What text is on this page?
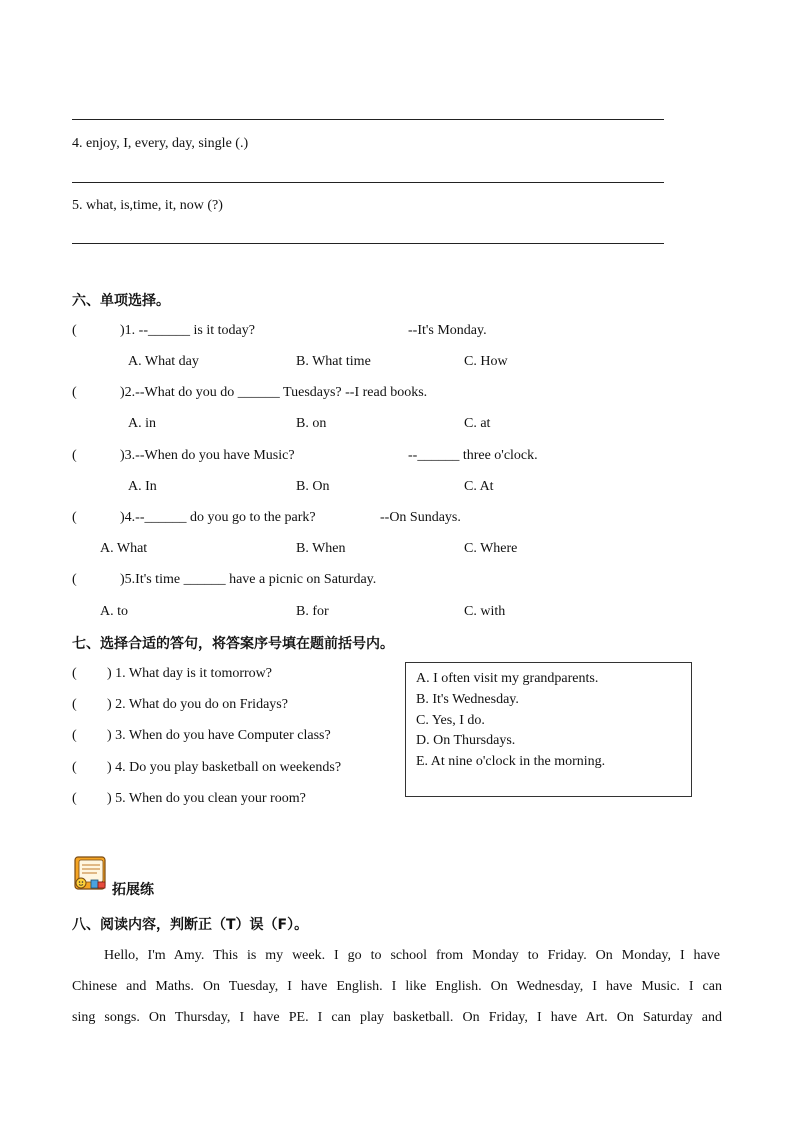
4. enjoy, I, every, day, single (.)
5. what, is,time, it, now (?)
六、单项选择。
(	)1. --______ is it today?	--It's Monday.
A. What day	B. What time	C. How
(	)2.--What do you do ______ Tuesdays? --I read books.
A. in	B. on	C. at
(	)3.--When do you have Music?	--______ three o'clock.
A. In	B. On	C. At
(	)4.--______ do you go to the park?	--On Sundays.
A. What	B. When	C. Where
(	)5.It's time ______ have a picnic on Saturday.
A. to	B. for	C. with
七、选择合适的答句，将答案序号填在题前括号内。
( ) 1. What day is it tomorrow?
( ) 2. What do you do on Fridays?
( ) 3. When do you have Computer class?
( ) 4. Do you play basketball on weekends?
( ) 5. When do you clean your room?
A. I often visit my grandparents.
B. It's Wednesday.
C. Yes, I do.
D. On Thursdays.
E. At nine o'clock in the morning.
拓展练
八、阅读内容，判断正（T）误（F）。
Hello, I'm Amy. This is my week. I go to school from Monday to Friday. On Monday, I have
Chinese and Maths. On Tuesday, I have English. I like English. On Wednesday, I have Music. I can
sing songs. On Thursday, I have PE. I can play basketball. On Friday, I have Art. On Saturday and
